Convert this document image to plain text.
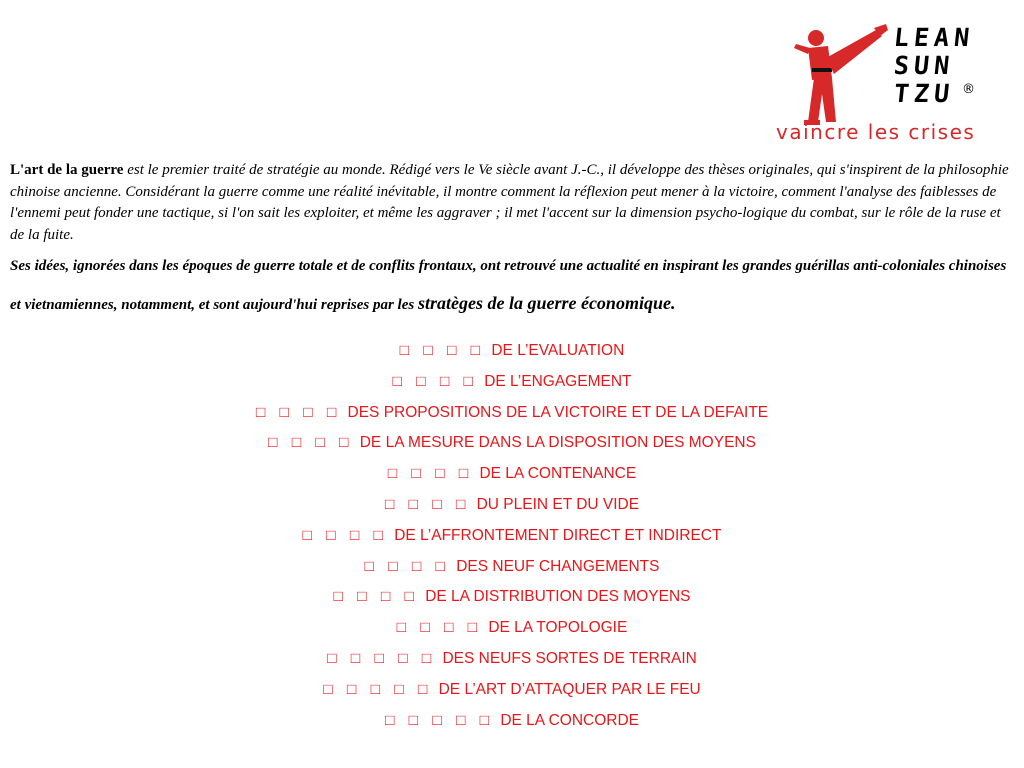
LEAN
SUN
TZU ®
vaincre les crises

L'art de la guerre est le premier traité de stratégie au monde. Rédigé vers le Ve siècle avant J.-C., il développe des thèses originales, qui s'inspirent de la philosophie chinoise ancienne. Considérant la guerre comme une réalité inévitable, il montre comment la réflexion peut mener à la victoire, comment l'analyse des faiblesses de l'ennemi peut fonder une tactique, si l'on sait les exploiter, et même les aggraver ; il met l'accent sur la dimension psycho-logique du combat, sur le rôle de la ruse et de la fuite.

Ses idées, ignorées dans les époques de guerre totale et de conflits frontaux, ont retrouvé une actualité en inspirant les grandes guérillas anti-coloniales chinoises et vietnamiennes, notamment, et sont aujourd'hui reprises par les stratèges de la guerre économique.

□ □ □ □ DE L’EVALUATION
□ □ □ □ DE L’ENGAGEMENT
□ □ □ □ DES PROPOSITIONS DE LA VICTOIRE ET DE LA DEFAITE
□ □ □ □ DE LA MESURE DANS LA DISPOSITION DES MOYENS
□ □ □ □ DE LA CONTENANCE
□ □ □ □ DU PLEIN ET DU VIDE
□ □ □ □ DE L’AFFRONTEMENT DIRECT ET INDIRECT
□ □ □ □ DES NEUF CHANGEMENTS
□ □ □ □ DE LA DISTRIBUTION DES MOYENS
□ □ □ □ DE LA TOPOLOGIE
□ □ □ □ □ DES NEUFS SORTES DE TERRAIN
□ □ □ □ □ DE L’ART D’ATTAQUER PAR LE FEU
□ □ □ □ □ DE LA CONCORDE
